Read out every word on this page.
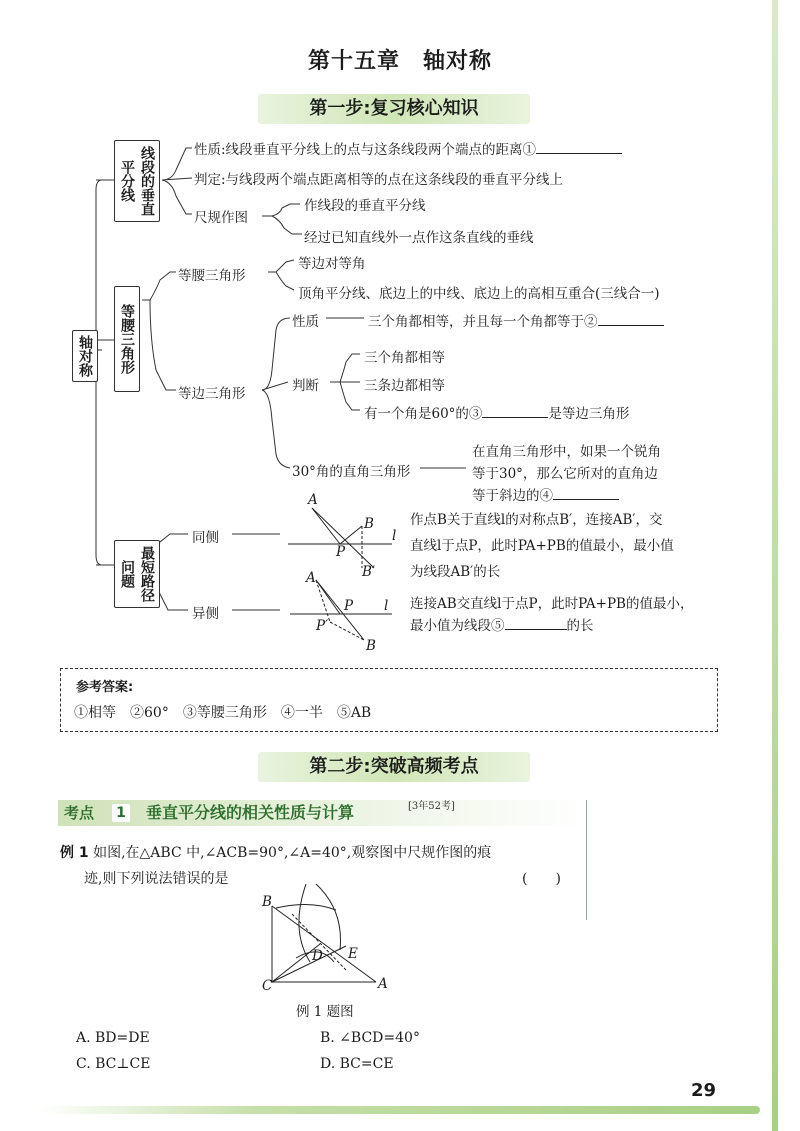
第十五章　轴对称
第一步:复习核心知识
A
B
B′
P
l
A
P
P′
B
l
轴对称
线段的垂直平分线
性质:线段垂直平分线上的点与这条线段两个端点的距离①
判定:与线段两个端点距离相等的点在这条线段的垂直平分线上
尺规作图
作线段的垂直平分线
经过已知直线外一点作这条直线的垂线
等腰三角形
等腰三角形
等边对等角
顶角平分线、底边上的中线、底边上的高相互重合(三线合一)
等边三角形
性质	三个角都相等，并且每一个角都等于②
判断
三个角都相等
三条边都相等
有一个角是60°的③	是等边三角形
30°角的直角三角形
在直角三角形中，如果一个锐角
等于30°，那么它所对的直角边
等于斜边的④
最短路径问题
同侧
作点B关于直线l的对称点B′，连接AB′，交
直线l于点P，此时PA+PB的值最小，最小值
为线段AB′的长
异侧
连接AB交直线l于点P，此时PA+PB的值最小，
最小值为线段⑤	的长
参考答案:
①相等　②60°　③等腰三角形　④一半　⑤AB
第二步:突破高频考点
考点	1 垂直平分线的相关性质与计算	[3年52考]
例 1 如图,在△ABC 中,∠ACB=90°,∠A=40°,观察图中尺规作图的痕
迹,则下列说法错误的是	(　　)
B
C
D E
A
例 1 题图
A. BD=DE	B. ∠BCD=40°
C. BC⊥CE	D. BC=CE
29
